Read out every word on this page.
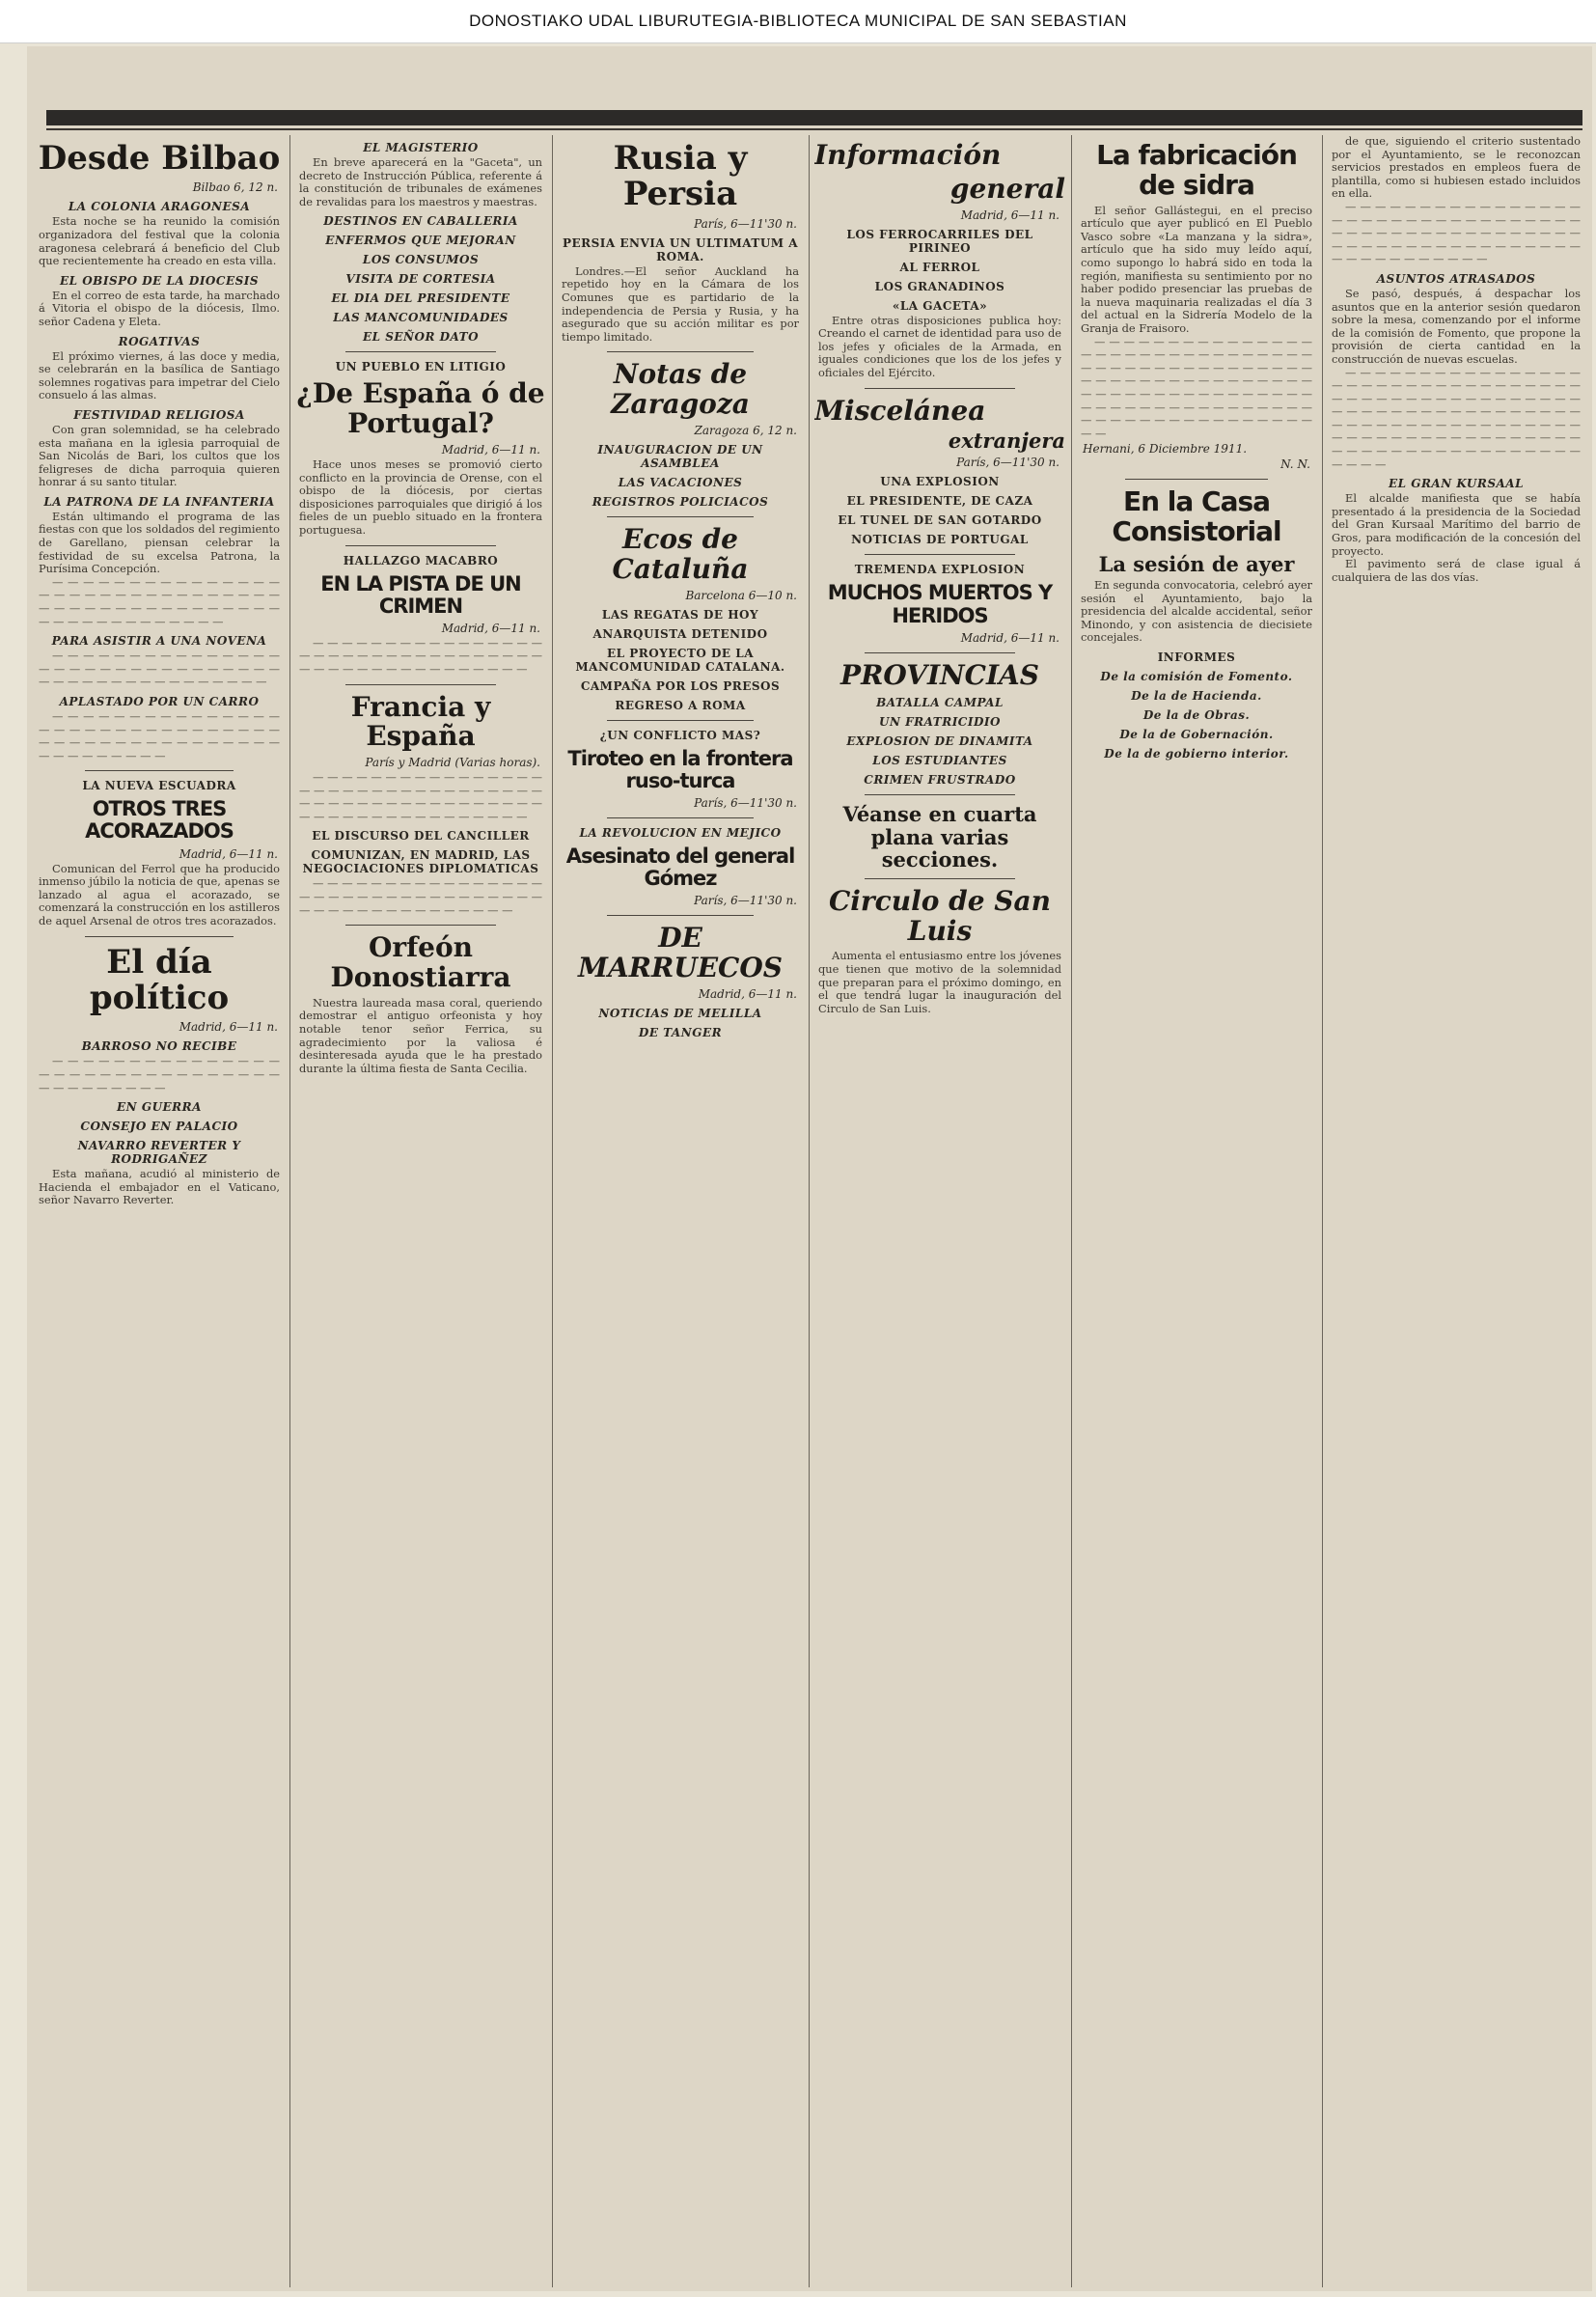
DONOSTIAKO UDAL LIBURUTEGIA-BIBLIOTECA MUNICIPAL DE SAN SEBASTIAN
Desde Bilbao
Bilbao 6, 12 n.
LA COLONIA ARAGONESA

Esta noche se ha reunido la comisión organizadora del festival que la colonia aragonesa celebrará á beneficio del Club que recientemente ha creado en esta villa.

EL OBISPO DE LA DIOCESIS

En el correo de esta tarde, ha marchado á Vitoria el obispo de la diócesis, Ilmo. señor Cadena y Eleta.

ROGATIVAS

El próximo viernes, á las doce y media, se celebrarán en la basílica de Santiago solemnes rogativas para impetrar del Cielo consuelo á las almas.

FESTIVIDAD RELIGIOSA

Con gran solemnidad, se ha celebrado esta mañana en la iglesia parroquial de San Nicolás de Bari, los cultos que los feligreses de dicha parroquia quieren honrar á su santo titular.

LA PATRONA DE LA INFANTERIA

Están ultimando el programa de las fiestas con que los soldados del regimiento de Garellano, piensan celebrar la festividad de su excelsa Patrona, la Purísima Concepción.

— — — — — — — — — — — — — — — — — — — — — — — — — — — — — — — — — — — — — — — — — — — — — — — — — — — — — — — — — — — —

PARA ASISTIR A UNA NOVENA

— — — — — — — — — — — — — — — — — — — — — — — — — — — — — — — — — — — — — — — — — — — — — — —

APLASTADO POR UN CARRO

— — — — — — — — — — — — — — — — — — — — — — — — — — — — — — — — — — — — — — — — — — — — — — — — — — — — — — — —

LA NUEVA ESCUADRA
OTROS TRES ACORAZADOS
Madrid, 6—11 n.

Comunican del Ferrol que ha producido inmenso júbilo la noticia de que, apenas se lanzado al agua el acorazado, se comenzará la construcción en los astilleros de aquel Arsenal de otros tres acorazados.

El día político
Madrid, 6—11 n.
BARROSO NO RECIBE

— — — — — — — — — — — — — — — — — — — — — — — — — — — — — — — — — — — — — — — —

EN GUERRA
CONSEJO EN PALACIO
NAVARRO REVERTER Y RODRIGAÑEZ

Esta mañana, acudió al ministerio de Hacienda el embajador en el Vaticano, señor Navarro Reverter.

EL MAGISTERIO

En breve aparecerá en la "Gaceta", un decreto de Instrucción Pública, referente á la constitución de tribunales de exámenes de revalidas para los maestros y maestras.

DESTINOS EN CABALLERIA
ENFERMOS QUE MEJORAN
LOS CONSUMOS
VISITA DE CORTESIA
EL DIA DEL PRESIDENTE
LAS MANCOMUNIDADES
EL SEÑOR DATO
UN PUEBLO EN LITIGIO
¿De España ó de Portugal?
Madrid, 6—11 n.

Hace unos meses se promovió cierto conflicto en la provincia de Orense, con el obispo de la diócesis, por ciertas disposiciones parroquiales que dirigió á los fieles de un pueblo situado en la frontera portuguesa.

HALLAZGO MACABRO
EN LA PISTA DE UN CRIMEN
Madrid, 6—11 n.

— — — — — — — — — — — — — — — — — — — — — — — — — — — — — — — — — — — — — — — — — — — — — — — — —

Francia y España
París y Madrid (Varias horas).

— — — — — — — — — — — — — — — — — — — — — — — — — — — — — — — — — — — — — — — — — — — — — — — — — — — — — — — — — — — — — — — — — —

EL DISCURSO DEL CANCILLER
COMUNIZAN, EN MADRID, LAS NEGOCIACIONES DIPLOMATICAS

— — — — — — — — — — — — — — — — — — — — — — — — — — — — — — — — — — — — — — — — — — — — — — — —

Orfeón Donostiarra

Nuestra laureada masa coral, queriendo demostrar el antiguo orfeonista y hoy notable tenor señor Ferrica, su agradecimiento por la valiosa é desinteresada ayuda que le ha prestado durante la última fiesta de Santa Cecilia.

Rusia y Persia
París, 6—11'30 n.
PERSIA ENVIA UN ULTIMATUM A ROMA.

Londres.—El señor Auckland ha repetido hoy en la Cámara de los Comunes que es partidario de la independencia de Persia y Rusia, y ha asegurado que su acción militar es por tiempo limitado.

Notas de Zaragoza
Zaragoza 6, 12 n.
INAUGURACION DE UN ASAMBLEA
LAS VACACIONES
REGISTROS POLICIACOS
Ecos de Cataluña
Barcelona 6—10 n.
LAS REGATAS DE HOY
ANARQUISTA DETENIDO
EL PROYECTO DE LA MANCOMUNIDAD CATALANA.
CAMPAÑA POR LOS PRESOS
REGRESO A ROMA
¿UN CONFLICTO MAS?
Tiroteo en la frontera ruso-turca
París, 6—11'30 n.
LA REVOLUCION EN MEJICO
Asesinato del general Gómez
París, 6—11'30 n.
DE MARRUECOS
Madrid, 6—11 n.
NOTICIAS DE MELILLA
DE TANGER
Información
general
Madrid, 6—11 n.
LOS FERROCARRILES DEL PIRINEO
AL FERROL
LOS GRANADINOS
«LA GACETA»

Entre otras disposiciones publica hoy: Creando el carnet de identidad para uso de los jefes y oficiales de la Armada, en iguales condiciones que los de los jefes y oficiales del Ejército.

Miscelánea
extranjera
París, 6—11'30 n.
UNA EXPLOSION
EL PRESIDENTE, DE CAZA
EL TUNEL DE SAN GOTARDO
NOTICIAS DE PORTUGAL
TREMENDA EXPLOSION
MUCHOS MUERTOS Y HERIDOS
Madrid, 6—11 n.
PROVINCIAS
BATALLA CAMPAL
UN FRATRICIDIO
EXPLOSION DE DINAMITA
LOS ESTUDIANTES
CRIMEN FRUSTRADO
Véanse en cuarta plana varias secciones.
Circulo de San Luis

Aumenta el entusiasmo entre los jóvenes que tienen que motivo de la solemnidad que preparan para el próximo domingo, en el que tendrá lugar la inauguración del Circulo de San Luis.

La fabricación de sidra

El señor Gallástegui, en el preciso artículo que ayer publicó en El Pueblo Vasco sobre «La manzana y la sidra», artículo que ha sido muy leído aquí, como supongo lo habrá sido en toda la región, manifiesta su sentimiento por no haber podido presenciar las pruebas de la nueva maquinaria realizadas el día 3 del actual en la Sidrería Modelo de la Granja de Fraisoro.

— — — — — — — — — — — — — — — — — — — — — — — — — — — — — — — — — — — — — — — — — — — — — — — — — — — — — — — — — — — — — — — — — — — — — — — — — — — — — — — — — — — — — — — — — — — — — — — — — — — — — — — — — — — — — — — — —

Hernani, 6 Diciembre 1911.
N. N.
En la Casa Consistorial
La sesión de ayer

En segunda convocatoria, celebró ayer sesión el Ayuntamiento, bajo la presidencia del alcalde accidental, señor Minondo, y con asistencia de diecisiete concejales.

INFORMES
De la comisión de Fomento.
De la de Hacienda.
De la de Obras.
De la de Gobernación.
De la de gobierno interior.

de que, siguiendo el criterio sustentado por el Ayuntamiento, se le reconozcan servicios prestados en empleos fuera de plantilla, como si hubiesen estado incluidos en ella.

— — — — — — — — — — — — — — — — — — — — — — — — — — — — — — — — — — — — — — — — — — — — — — — — — — — — — — — — — — — — — — — — — — — — — — — — — — — — — —

ASUNTOS ATRASADOS

Se pasó, después, á despachar los asuntos que en la anterior sesión quedaron sobre la mesa, comenzando por el informe de la comisión de Fomento, que propone la provisión de cierta cantidad en la construcción de nuevas escuelas.

— — — — — — — — — — — — — — — — — — — — — — — — — — — — — — — — — — — — — — — — — — — — — — — — — — — — — — — — — — — — — — — — — — — — — — — — — — — — — — — — — — — — — — — — — — — — — — — — — — — — — — — — — — — — — — — — — — — — — — — — — —

EL GRAN KURSAAL

El alcalde manifiesta que se había presentado á la presidencia de la Sociedad del Gran Kursaal Marítimo del barrio de Gros, para modificación de la concesión del proyecto.

El pavimento será de clase igual á cualquiera de las dos vías.
